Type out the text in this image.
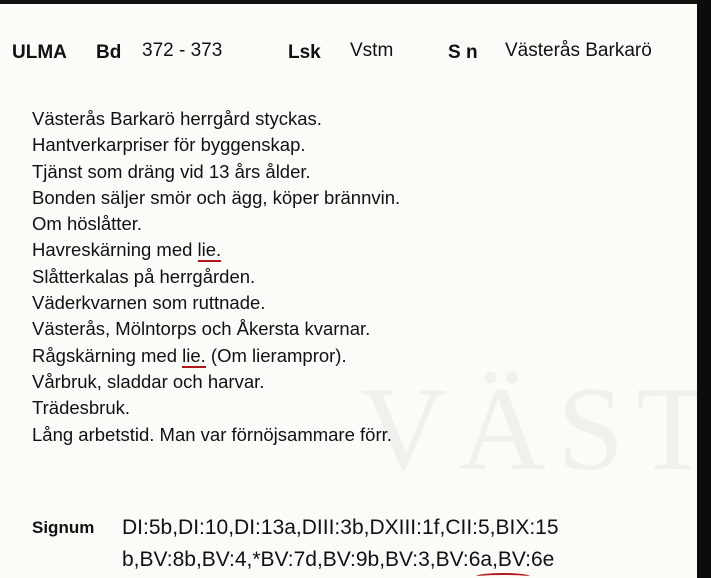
ULMA Bd 372 - 373	Lsk Vstm	S n Västerås Barkarö
Västerås Barkarö herrgård styckas.
Hantverkarpriser för byggenskap.
Tjänst som dräng vid 13 års ålder.
Bonden säljer smör och ägg, köper brännvin.
Om höslåtter.
Havreskärning med lie.
Slåtterkalas på herrgården.
Väderkvarnen som ruttnade.
Västerås, Mölntorps och Åkersta kvarnar.
Rågskärning med lie. (Om lierampror).
Vårbruk, sladdar och harvar.
Trädesbruk.
Lång arbetstid. Man var förnöjsammare förr.
Signum DI:5b,DI:10,DI:13a,DIII:3b,DXIII:1f,CII:5,BIX:15 b,BV:8b,BV:4,*BV:7d,BV:9b,BV:3,BV:6a,BV:6e
